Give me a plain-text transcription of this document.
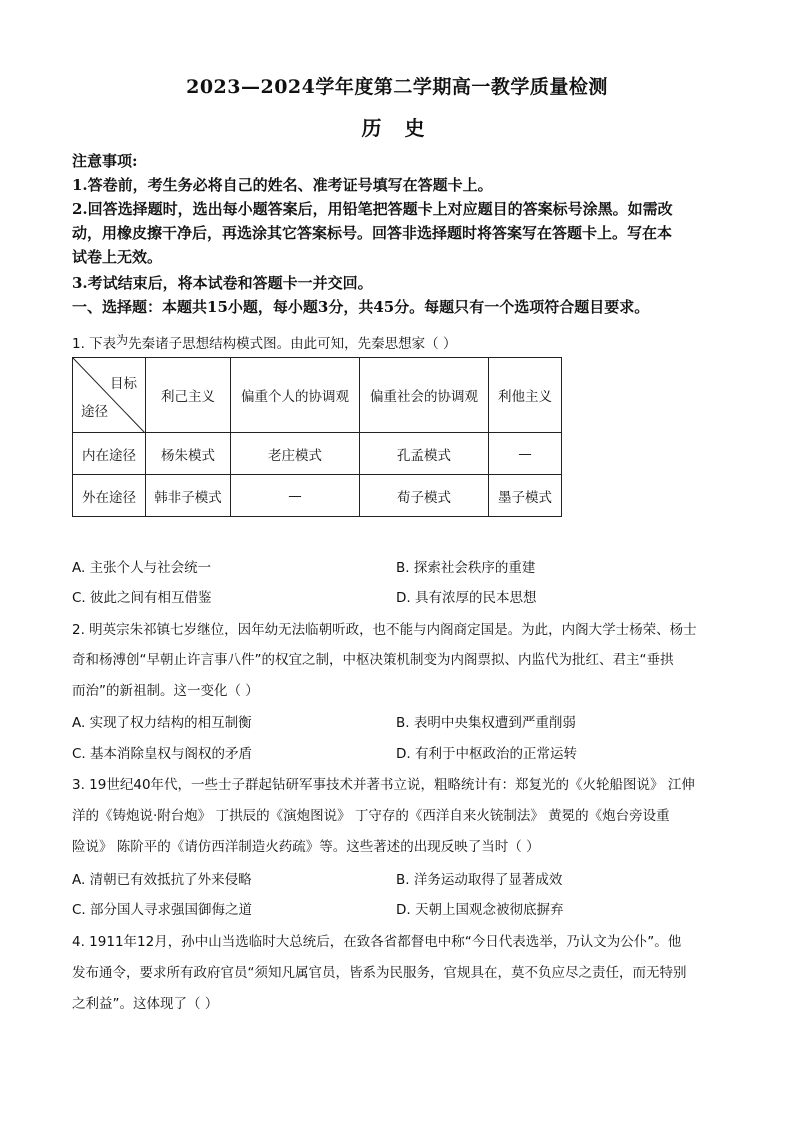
2023—2024学年度第二学期高一教学质量检测
历 史
注意事项:
1.答卷前，考生务必将自己的姓名、准考证号填写在答题卡上。
2.回答选择题时，选出每小题答案后，用铅笔把答题卡上对应题目的答案标号涂黑。如需改
动，用橡皮擦干净后，再选涂其它答案标号。回答非选择题时将答案写在答题卡上。写在本
试卷上无效。
3.考试结束后，将本试卷和答题卡一并交回。
一、选择题：本题共15小题，每小题3分，共45分。每题只有一个选项符合题目要求。
1. 下表为先秦诸子思想结构模式图。由此可知，先秦思想家（ ）
目标
途径	利己主义	偏重个人的协调观	偏重社会的协调观	利他主义
内在途径	杨朱模式	老庄模式	孔孟模式	—
外在途径	韩非子模式	—	荀子模式	墨子模式
A. 主张个人与社会统一	B. 探索社会秩序的重建
C. 彼此之间有相互借鉴	D. 具有浓厚的民本思想
2. 明英宗朱祁镇七岁继位，因年幼无法临朝听政，也不能与内阁商定国是。为此，内阁大学士杨荣、杨士
奇和杨溥创“早朝止许言事八件”的权宜之制，中枢决策机制变为内阁票拟、内监代为批红、君主“垂拱
而治”的新祖制。这一变化（ ）
A. 实现了权力结构的相互制衡	B. 表明中央集权遭到严重削弱
C. 基本消除皇权与阁权的矛盾	D. 有利于中枢政治的正常运转
3. 19世纪40年代，一些士子群起钻研军事技术并著书立说，粗略统计有：郑复光的《火轮船图说》 江伸
洋的《铸炮说·附台炮》 丁拱辰的《演炮图说》 丁守存的《西洋自来火铳制法》 黄冕的《炮台旁设重
险说》 陈阶平的《请仿西洋制造火药疏》等。这些著述的出现反映了当时（ ）
A. 清朝已有效抵抗了外来侵略	B. 洋务运动取得了显著成效
C. 部分国人寻求强国御侮之道	D. 天朝上国观念被彻底摒弃
4. 1911年12月，孙中山当选临时大总统后，在致各省都督电中称“今日代表选举，乃认文为公仆”。他
发布通令，要求所有政府官员“须知凡属官员，皆系为民服务，官规具在，莫不负应尽之责任，而无特别
之利益”。这体现了（ ）
